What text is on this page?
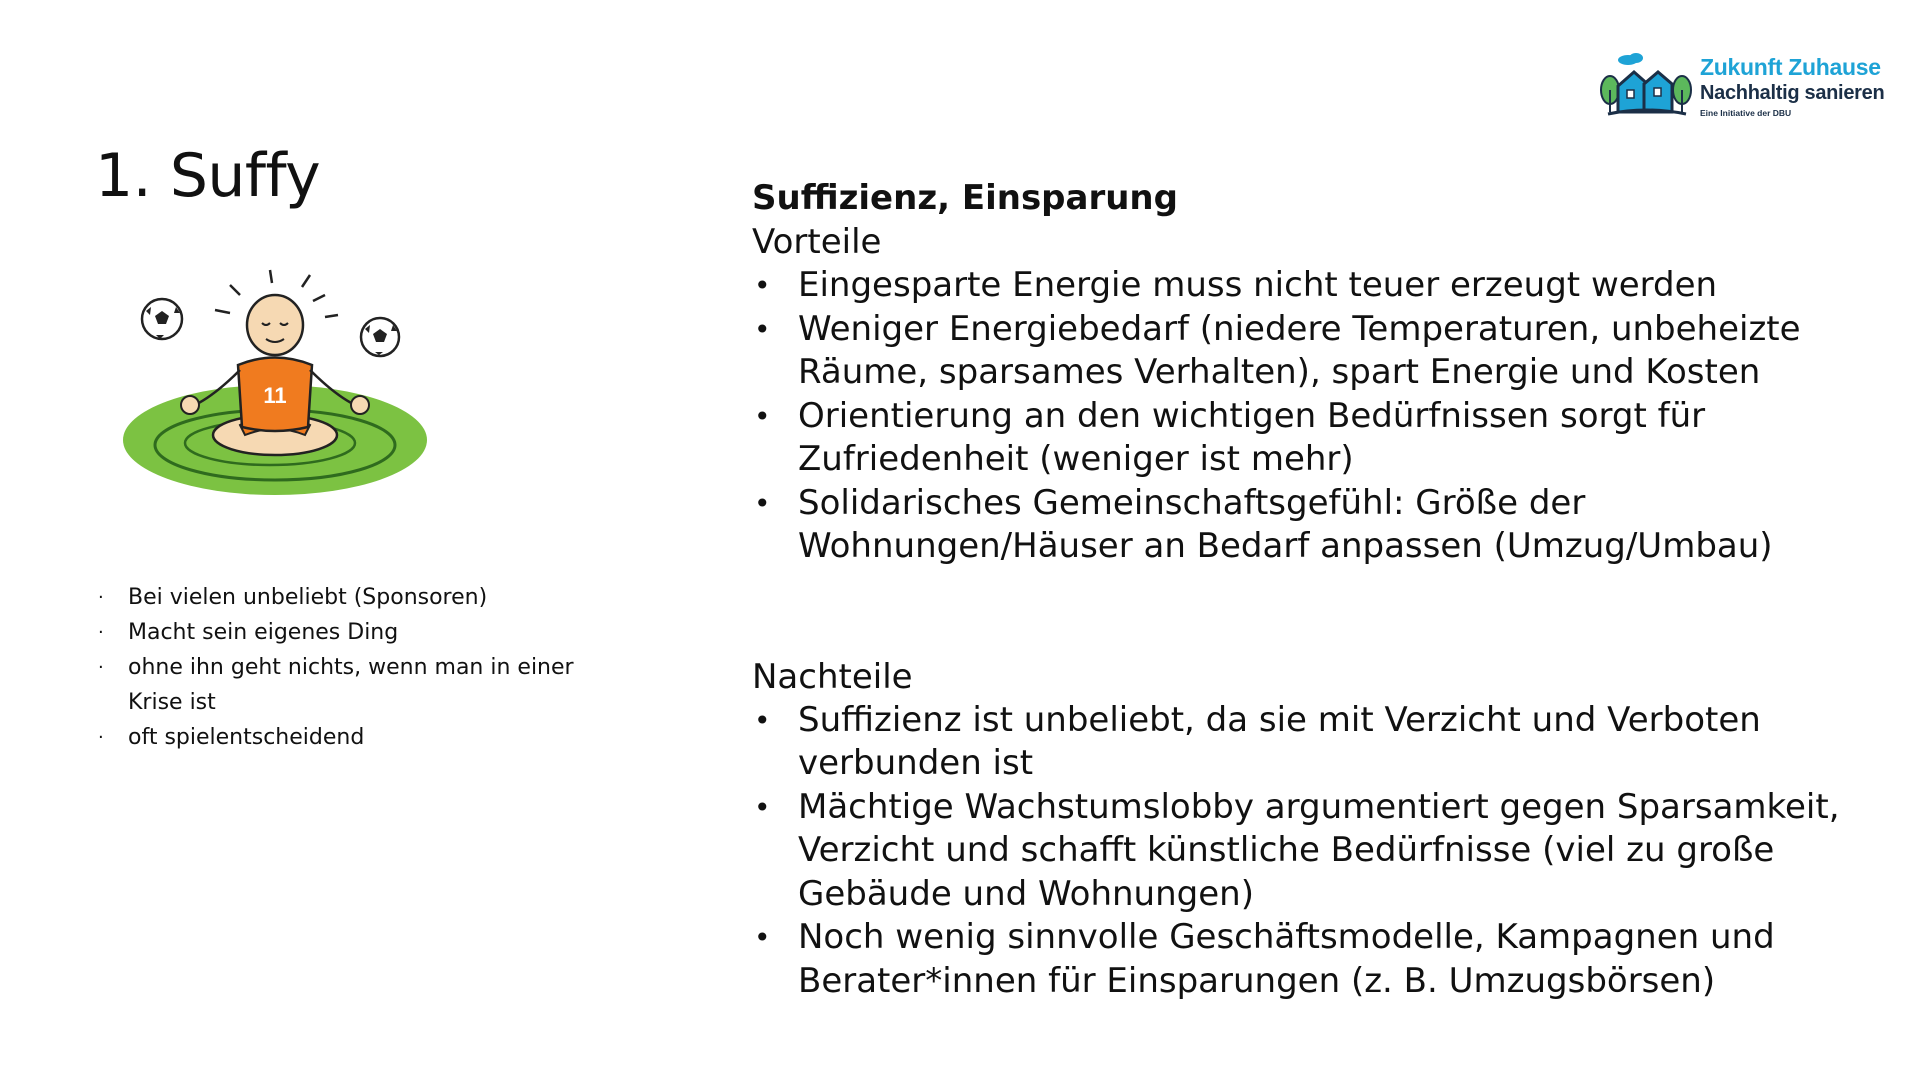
Zukunft Zuhause
Nachhaltig sanieren
Eine Initiative der DBU
1. Suffy
11
· Bei vielen unbeliebt (Sponsoren)
· Macht sein eigenes Ding
· ohne ihn geht nichts, wenn man in einer Krise ist
· oft spielentscheidend

Suffizienz, Einsparung

Vorteile

• Eingesparte Energie muss nicht teuer erzeugt werden
• Weniger Energiebedarf (niedere Temperaturen, unbeheizte Räume, sparsames Verhalten), spart Energie und Kosten
• Orientierung an den wichtigen Bedürfnissen sorgt für Zufriedenheit (weniger ist mehr)
• Solidarisches Gemeinschaftsgefühl: Größe der Wohnungen/Häuser an Bedarf anpassen (Umzug/Umbau)

Nachteile

• Suffizienz ist unbeliebt, da sie mit Verzicht und Verboten verbunden ist
• Mächtige Wachstumslobby argumentiert gegen Sparsamkeit, Verzicht und schafft künstliche Bedürfnisse (viel zu große Gebäude und Wohnungen)
• Noch wenig sinnvolle Geschäftsmodelle, Kampagnen und Berater*innen für Einsparungen (z. B. Umzugsbörsen)
